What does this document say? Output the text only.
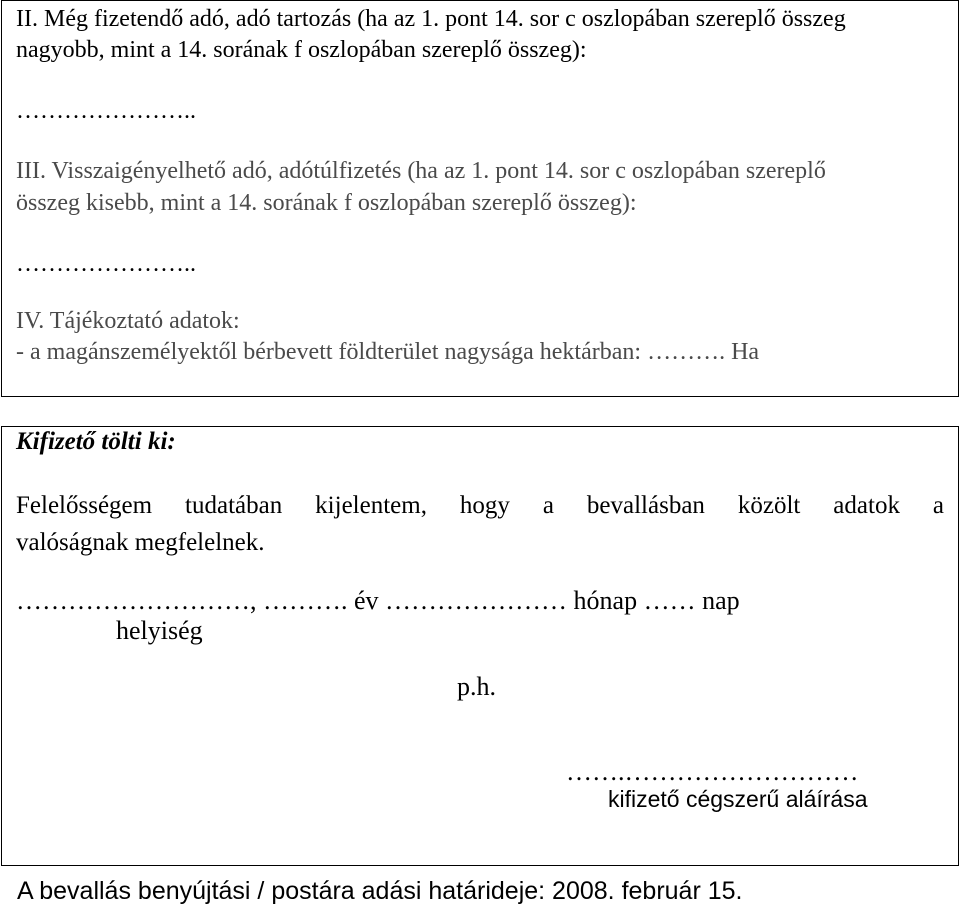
II. Még fizetendő adó, adó tartozás (ha az 1. pont 14. sor c oszlopában szereplő összeg
nagyobb, mint a 14. sorának f oszlopában szereplő összeg):
…………………..
III. Visszaigényelhető adó, adótúlfizetés (ha az 1. pont 14. sor c oszlopában szereplő
összeg kisebb, mint a 14. sorának f oszlopában szereplő összeg):
…………………..
IV. Tájékoztató adatok:
- a magánszemélyektől bérbevett földterület nagysága hektárban: ………. Ha
Kifizető tölti ki:
Felelősségem tudatában kijelentem, hogy a bevallásban közölt adatok a
valóságnak megfelelnek.
………………………, ………. év ………………… hónap …… nap
helyiség
p.h.
…….………………………
kifizető cégszerű aláírása
A bevallás benyújtási / postára adási határideje: 2008. február 15.
